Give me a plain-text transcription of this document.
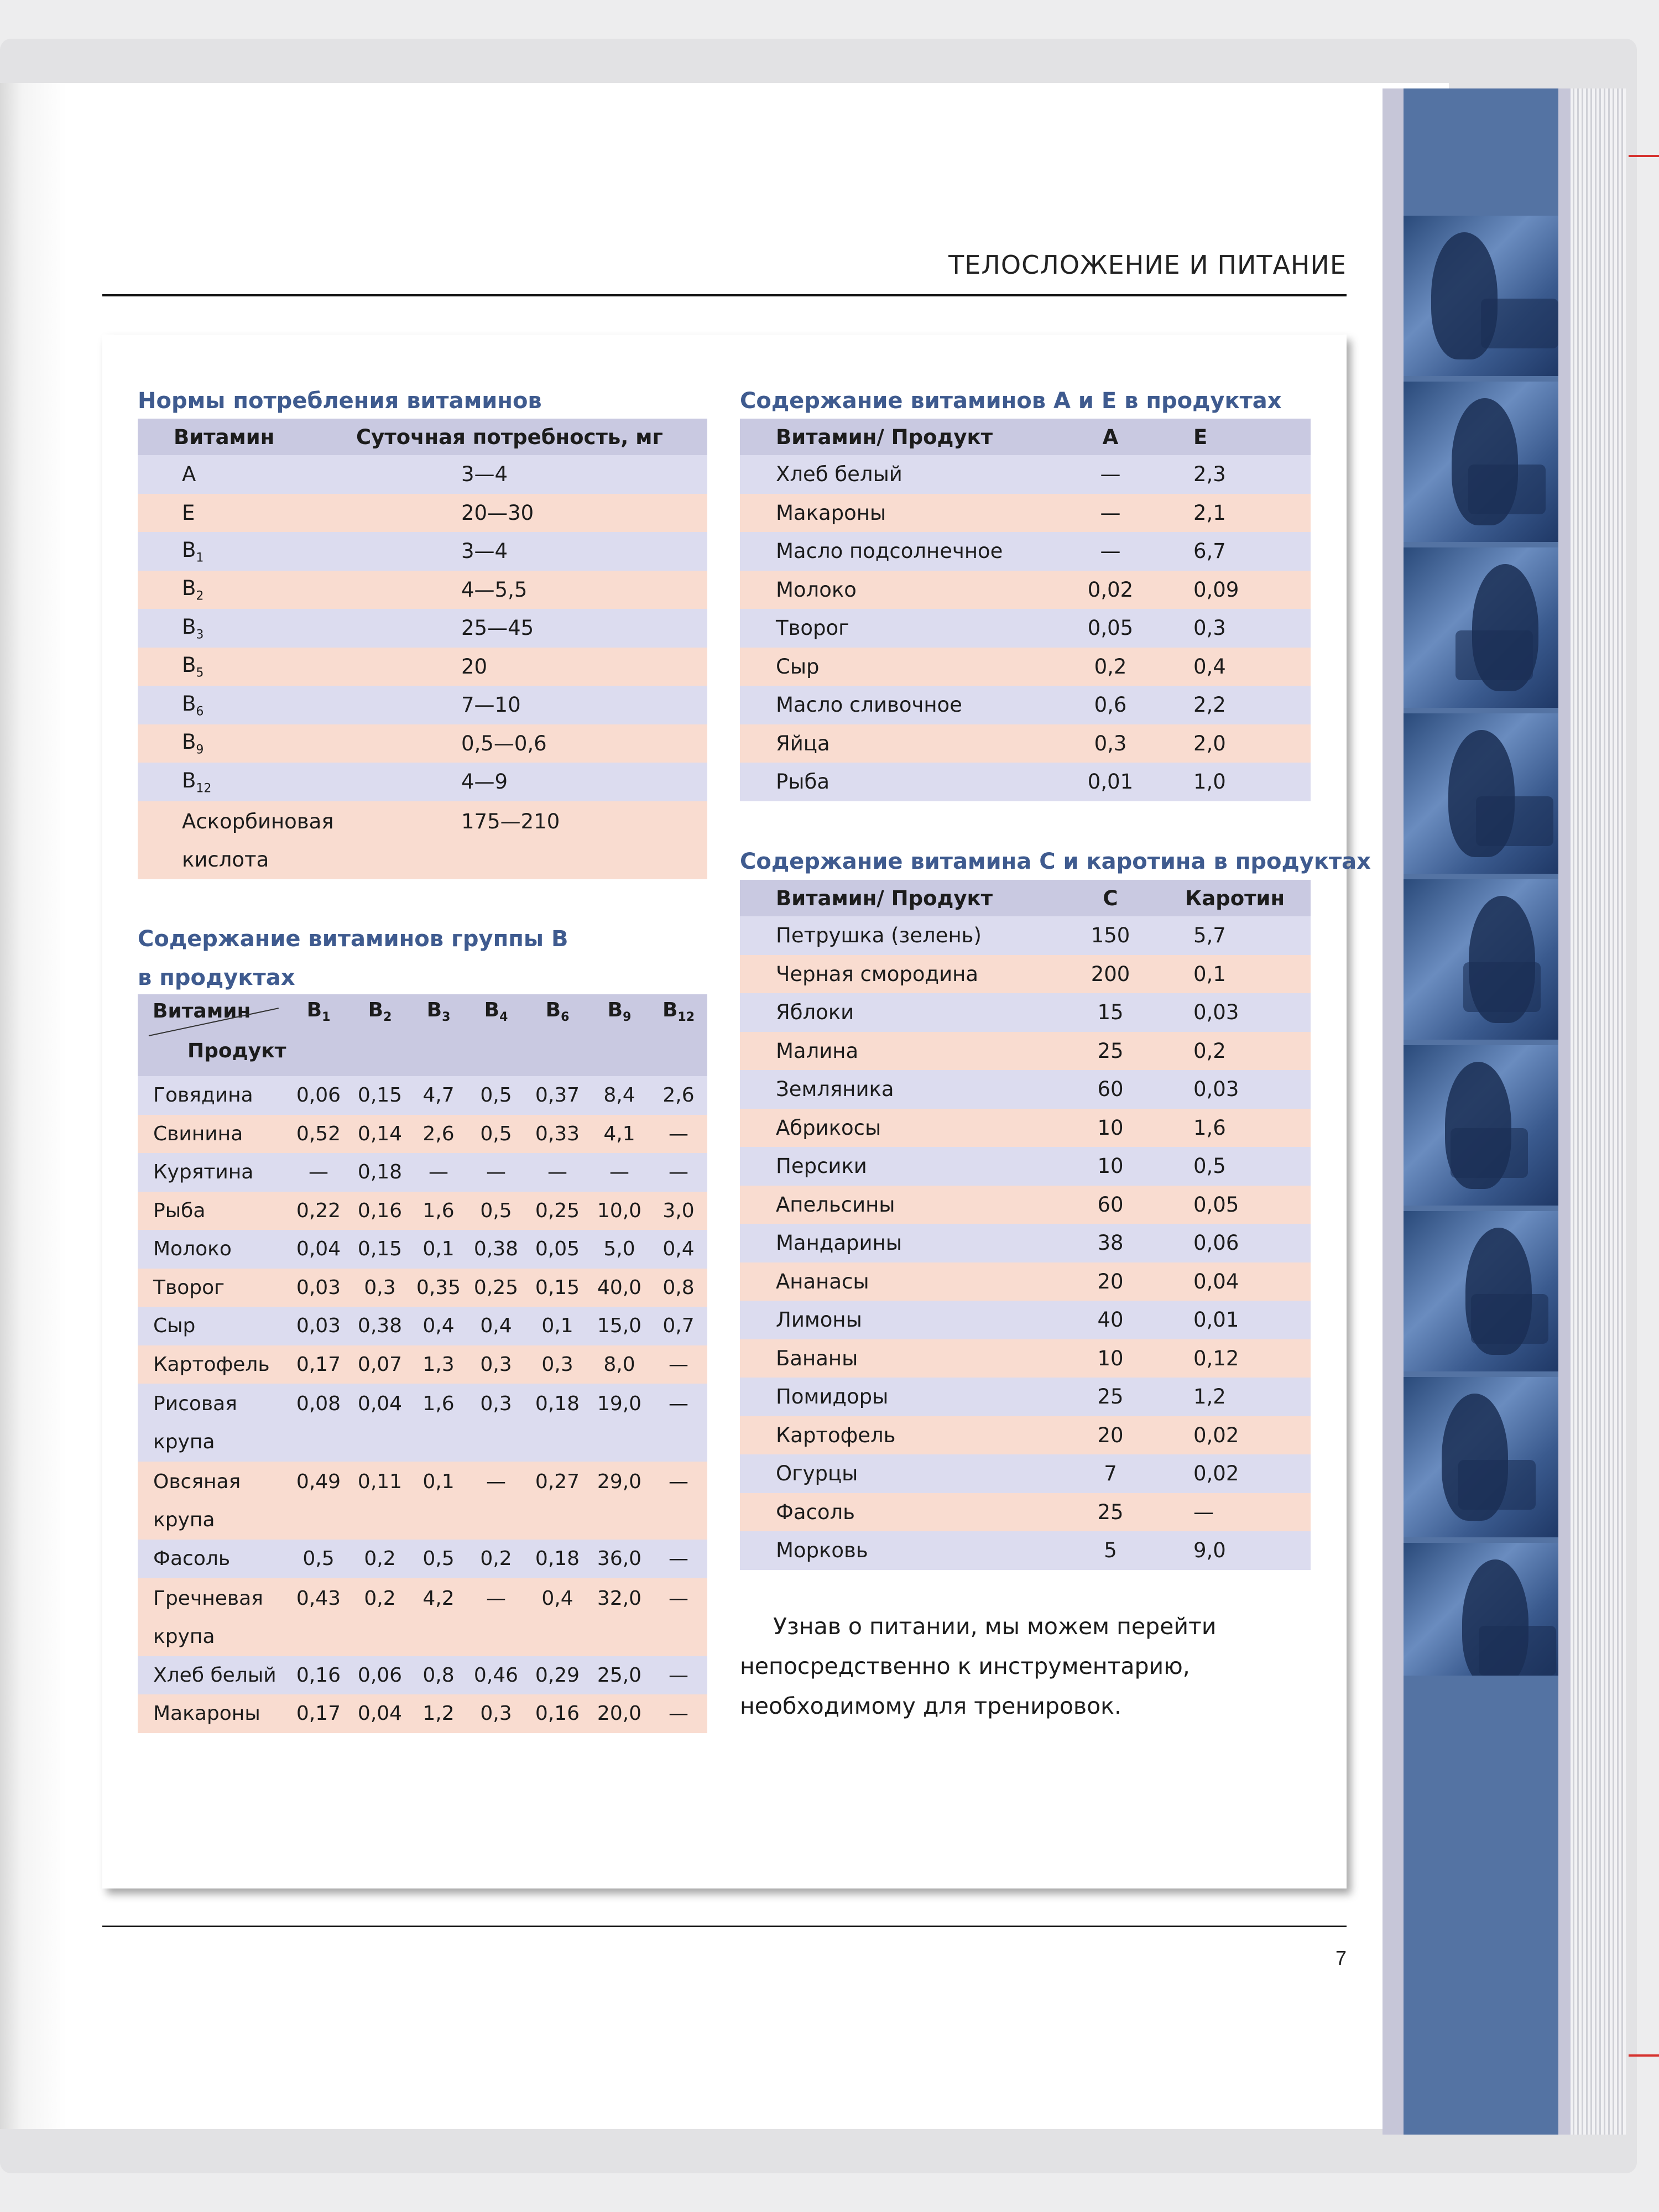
ТЕЛОСЛОЖЕНИЕ И ПИТАНИЕ
7
Нормы потребления витаминов
Витамин	Суточная потребность, мг
A	3—4
E	20—30
$B_1$	3—4
$B_2$	4—5,5
$B_3$	25—45
$B_5$	20
$B_6$	7—10
$B_9$	0,5—0,6
$B_{12}$	4—9
Аскорбиновая кислота	175—210
Содержание витаминов А и Е в продуктах
Витамин/ Продукт	A	E
Хлеб белый	—	2,3
Макароны	—	2,1
Масло подсолнечное	—	6,7
Молоко	0,02	0,09
Творог	0,05	0,3
Сыр	0,2	0,4
Масло сливочное	0,6	2,2
Яйца	0,3	2,0
Рыба	0,01	1,0
Содержание витамина С и каротина в продуктах
Витамин/ Продукт	C	Каротин
Петрушка (зелень)	150	5,7
Черная смородина	200	0,1
Яблоки	15	0,03
Малина	25	0,2
Земляника	60	0,03
Абрикосы	10	1,6
Персики	10	0,5
Апельсины	60	0,05
Мандарины	38	0,06
Ананасы	20	0,04
Лимоны	40	0,01
Бананы	10	0,12
Помидоры	25	1,2
Картофель	20	0,02
Огурцы	7	0,02
Фасоль	25	—
Морковь	5	9,0
Содержание витаминов группы В
в продуктах
Витамин
Продукт	$B_1$	$B_2$	$B_3$	$B_4$	$B_6$	$B_9$	$B_{12}$
Говядина	0,06	0,15	4,7	0,5	0,37	8,4	2,6
Свинина	0,52	0,14	2,6	0,5	0,33	4,1	—
Курятина	—	0,18	—	—	—	—	—
Рыба	0,22	0,16	1,6	0,5	0,25	10,0	3,0
Молоко	0,04	0,15	0,1	0,38	0,05	5,0	0,4
Творог	0,03	0,3	0,35	0,25	0,15	40,0	0,8
Сыр	0,03	0,38	0,4	0,4	0,1	15,0	0,7
Картофель	0,17	0,07	1,3	0,3	0,3	8,0	—
Рисовая крупа	0,08	0,04	1,6	0,3	0,18	19,0	—
Овсяная крупа	0,49	0,11	0,1	—	0,27	29,0	—
Фасоль	0,5	0,2	0,5	0,2	0,18	36,0	—
Гречневая крупа	0,43	0,2	4,2	—	0,4	32,0	—
Хлеб белый	0,16	0,06	0,8	0,46	0,29	25,0	—
Макароны	0,17	0,04	1,2	0,3	0,16	20,0	—

Узнав о питании, мы можем перейти непосредственно к инструментарию, необходимому для тренировок.
